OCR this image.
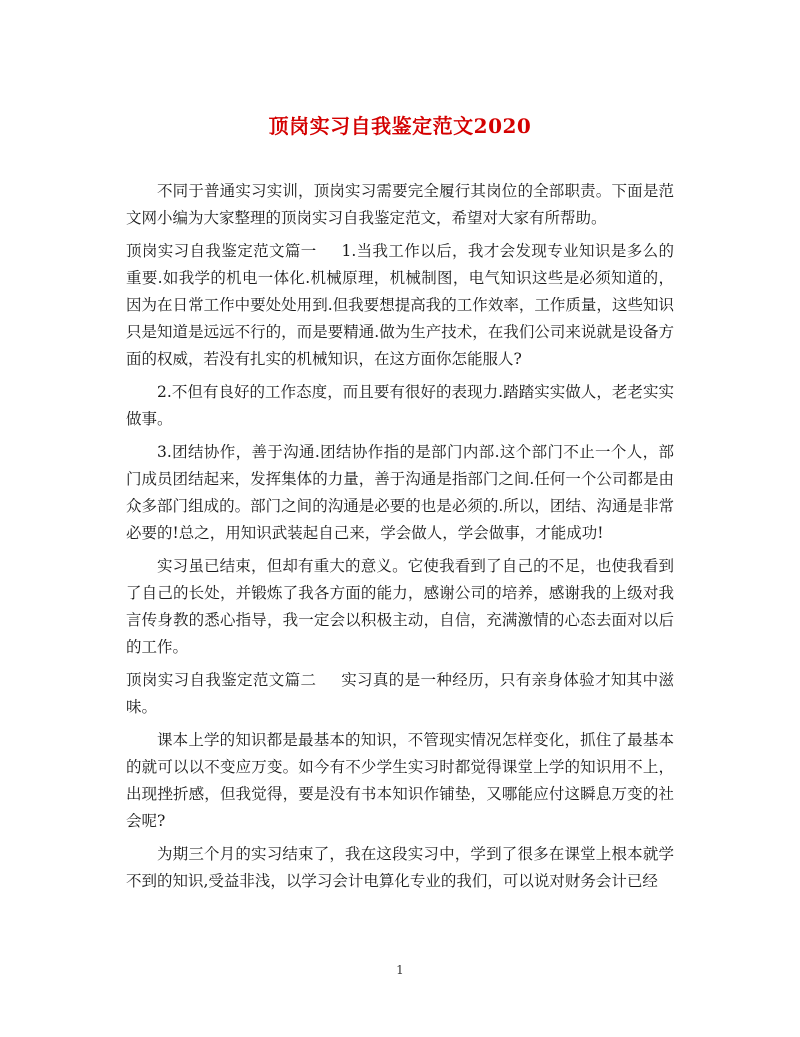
顶岗实习自我鉴定范文2020

不同于普通实习实训，顶岗实习需要完全履行其岗位的全部职责。下面是范文网小编为大家整理的顶岗实习自我鉴定范文，希望对大家有所帮助。

顶岗实习自我鉴定范文篇一 1.当我工作以后，我才会发现专业知识是多么的重要.如我学的机电一体化.机械原理，机械制图，电气知识这些是必须知道的，因为在日常工作中要处处用到.但我要想提高我的工作效率，工作质量，这些知识只是知道是远远不行的，而是要精通.做为生产技术，在我们公司来说就是设备方面的权威，若没有扎实的机械知识，在这方面你怎能服人?

2.不但有良好的工作态度，而且要有很好的表现力.踏踏实实做人，老老实实做事。

3.团结协作，善于沟通.团结协作指的是部门内部.这个部门不止一个人，部门成员团结起来，发挥集体的力量，善于沟通是指部门之间.任何一个公司都是由众多部门组成的。部门之间的沟通是必要的也是必须的.所以，团结、沟通是非常必要的!总之，用知识武装起自己来，学会做人，学会做事，才能成功!

实习虽已结束，但却有重大的意义。它使我看到了自己的不足，也使我看到了自己的长处，并锻炼了我各方面的能力，感谢公司的培养，感谢我的上级对我言传身教的悉心指导，我一定会以积极主动，自信，充满激情的心态去面对以后的工作。

顶岗实习自我鉴定范文篇二 实习真的是一种经历，只有亲身体验才知其中滋味。

课本上学的知识都是最基本的知识，不管现实情况怎样变化，抓住了最基本的就可以以不变应万变。如今有不少学生实习时都觉得课堂上学的知识用不上，出现挫折感，但我觉得，要是没有书本知识作铺垫，又哪能应付这瞬息万变的社会呢?

为期三个月的实习结束了，我在这段实习中，学到了很多在课堂上根本就学不到的知识,受益非浅，以学习会计电算化专业的我们，可以说对财务会计已经

1
